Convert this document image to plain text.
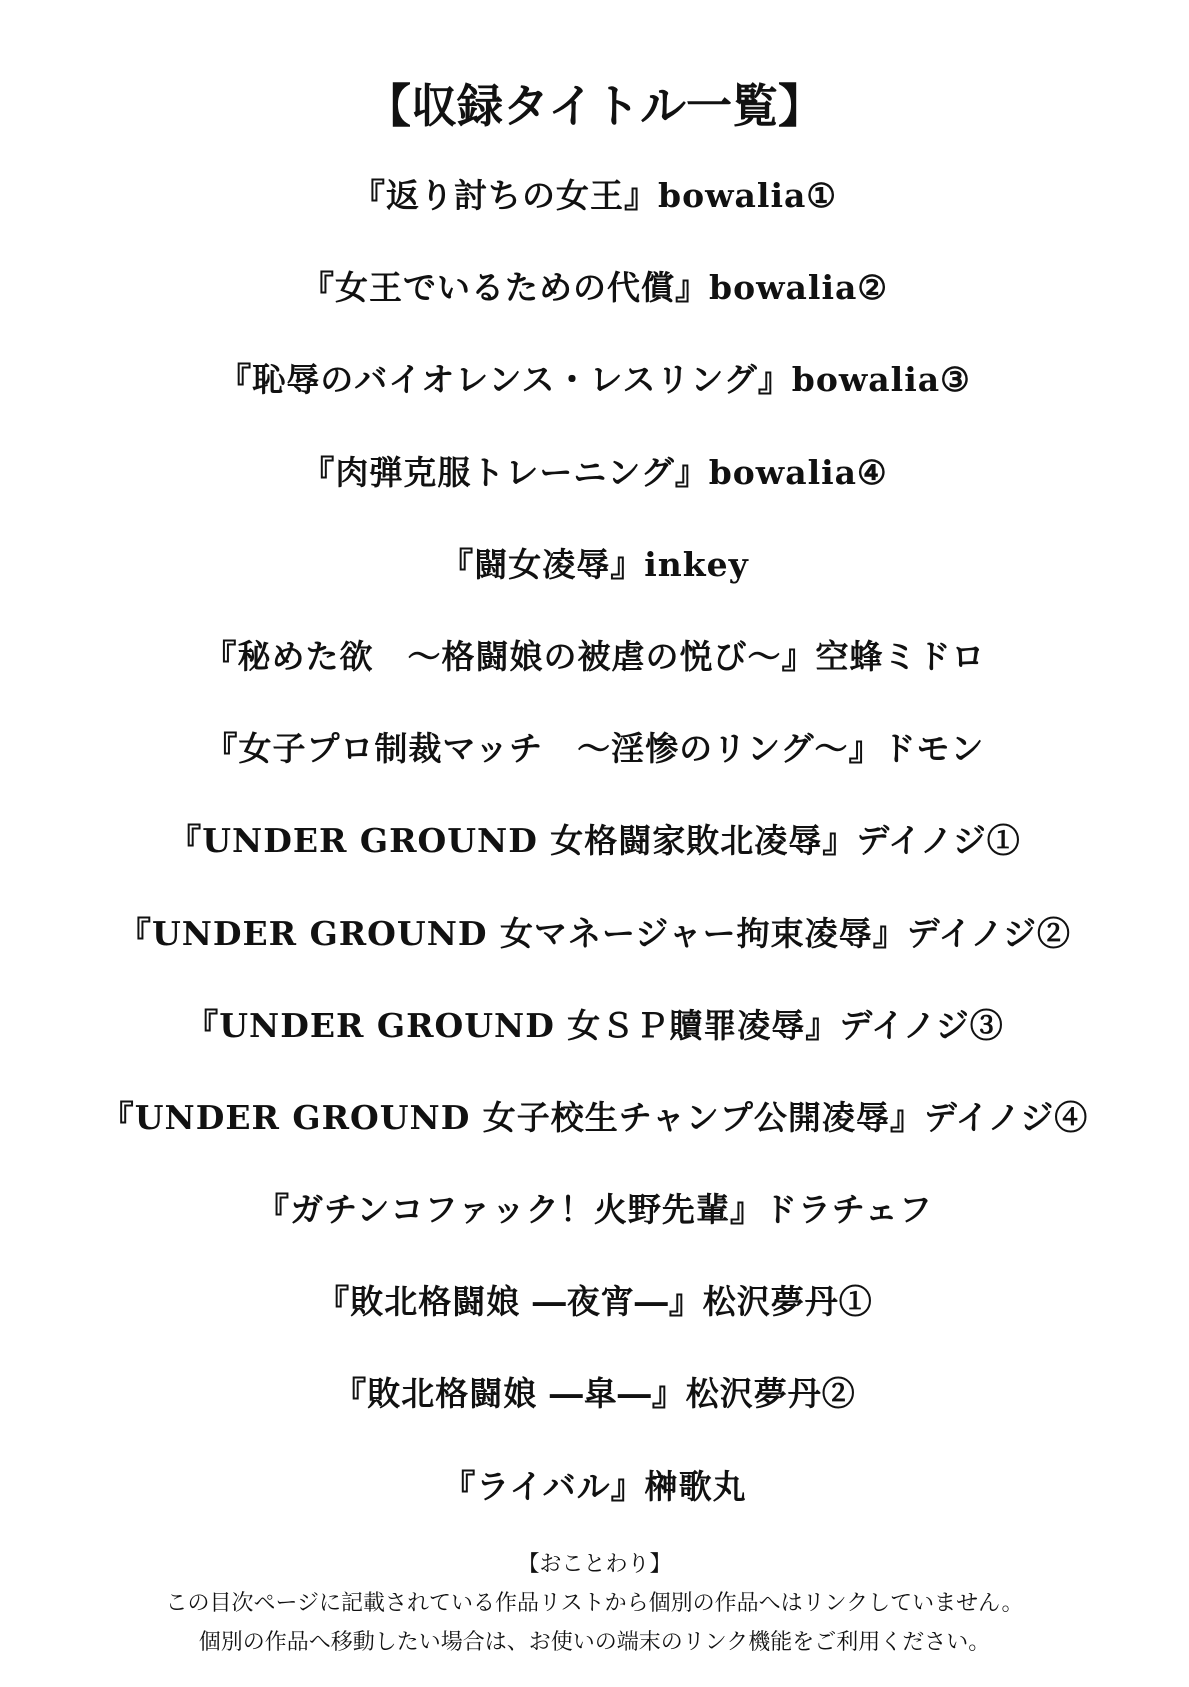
【収録タイトル一覧】
『返り討ちの女王』bowalia①
『女王でいるための代償』bowalia②
『恥辱のバイオレンス・レスリング』bowalia③
『肉弾克服トレーニング』bowalia④
『闘女凌辱』inkey
『秘めた欲　～格闘娘の被虐の悦び～』空蜂ミドロ
『女子プロ制裁マッチ　～淫惨のリング～』ドモン
『UNDER GROUND 女格闘家敗北凌辱』デイノジ①
『UNDER GROUND 女マネージャー拘束凌辱』デイノジ②
『UNDER GROUND 女ＳＰ贖罪凌辱』デイノジ③
『UNDER GROUND 女子校生チャンプ公開凌辱』デイノジ④
『ガチンコファック！火野先輩』ドラチェフ
『敗北格闘娘 ―夜宵―』松沢夢丹①
『敗北格闘娘 ―皐―』松沢夢丹②
『ライバル』榊歌丸
【おことわり】
この目次ページに記載されている作品リストから個別の作品へはリンクしていません。
個別の作品へ移動したい場合は、お使いの端末のリンク機能をご利用ください。
